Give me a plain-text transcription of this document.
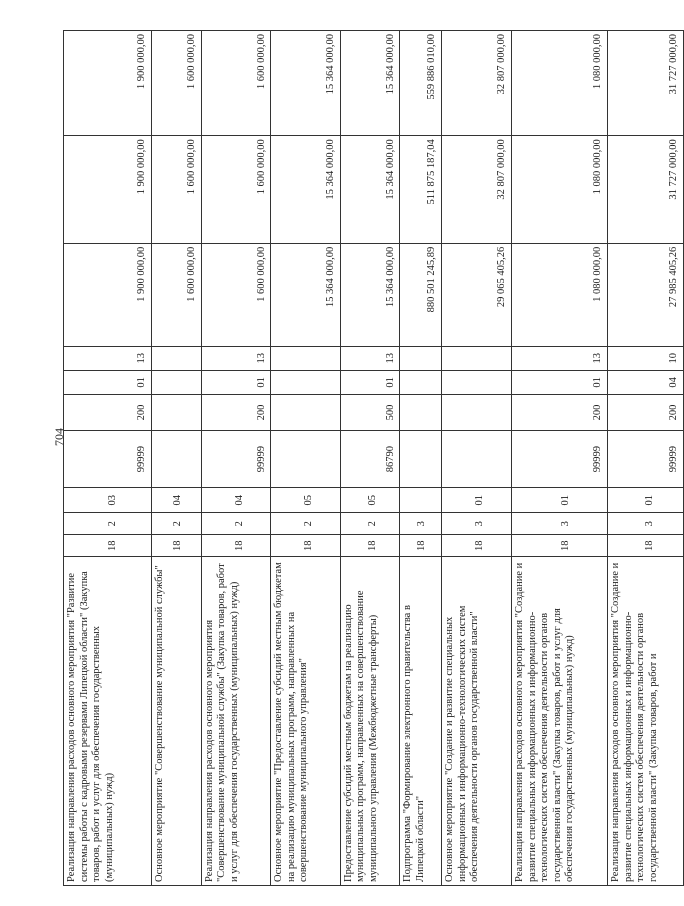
704
Реализация направления расходов основного мероприятия "Развитие системы работы с кадровыми резервами Липецкой области" (Закупка товаров, работ и услуг для обеспечения государственных (муниципальных) нужд)	18	2	03	99999	200	01	13	1 900 000,00	1 900 000,00	1 900 000,00
Основное мероприятие "Совершенствование муниципальной службы"	18	2	04					1 600 000,00	1 600 000,00	1 600 000,00
Реализация направления расходов основного мероприятия "Совершенствование муниципальной службы" (Закупка товаров, работ и услуг для обеспечения государственных (муниципальных) нужд)	18	2	04	99999	200	01	13	1 600 000,00	1 600 000,00	1 600 000,00
Основное мероприятие "Предоставление субсидий местным бюджетам на реализацию муниципальных программ, направленных на совершенствование муниципального управления"	18	2	05					15 364 000,00	15 364 000,00	15 364 000,00
Предоставление субсидий местным бюджетам на реализацию муниципальных программ, направленных на совершенствование муниципального управления (Межбюджетные трансферты)	18	2	05	86790	500	01	13	15 364 000,00	15 364 000,00	15 364 000,00
Подпрограмма "Формирование электронного правительства в Липецкой области"	18	3						880 501 245,89	511 875 187,04	559 886 010,00
Основное мероприятие "Создание и развитие специальных информационных и информационно-технологических систем обеспечения деятельности органов государственной власти"	18	3	01					29 065 405,26	32 807 000,00	32 807 000,00
Реализация направления расходов основного мероприятия "Создание и развитие специальных информационных и информационно-технологических систем обеспечения деятельности органов государственной власти" (Закупка товаров, работ и услуг для обеспечения государственных (муниципальных) нужд)	18	3	01	99999	200	01	13	1 080 000,00	1 080 000,00	1 080 000,00
Реализация направления расходов основного мероприятия "Создание и развитие специальных информационных и информационно-технологических систем обеспечения деятельности органов государственной власти" (Закупка товаров, работ и	18	3	01	99999	200	04	10	27 985 405,26	31 727 000,00	31 727 000,00
